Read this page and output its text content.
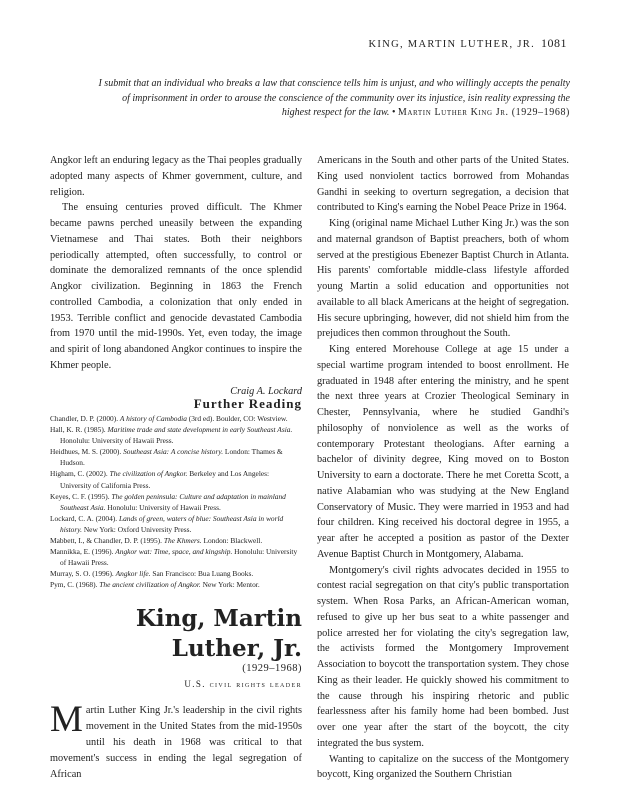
KING, MARTIN LUTHER, JR. 1081
I submit that an individual who breaks a law that conscience tells him is unjust, and who willingly accepts the penalty of imprisonment in order to arouse the conscience of the community over its injustice, isin reality expressing the highest respect for the law. • Martin Luther King Jr. (1929–1968)

Angkor left an enduring legacy as the Thai peoples gradually adopted many aspects of Khmer government, culture, and religion.

The ensuing centuries proved difficult. The Khmer became pawns perched uneasily between the expanding Vietnamese and Thai states. Both their neighbors periodically attempted, often successfully, to control or dominate the demoralized remnants of the once splendid Angkor civilization. Beginning in 1863 the French controlled Cambodia, a colonization that only ended in 1953. Terrible conflict and genocide devastated Cambodia from 1970 until the mid-1990s. Yet, even today, the image and spirit of long abandoned Angkor continues to inspire the Khmer people.

Craig A. Lockard
Further Reading
Chandler, D. P. (2000). A history of Cambodia (3rd ed). Boulder, CO: Westview.
Hall, K. R. (1985). Maritime trade and state development in early Southeast Asia. Honolulu: University of Hawaii Press.
Heidhues, M. S. (2000). Southeast Asia: A concise history. London: Thames & Hudson.
Higham, C. (2002). The civilization of Angkor. Berkeley and Los Angeles: University of California Press.
Keyes, C. F. (1995). The golden peninsula: Culture and adaptation in mainland Southeast Asia. Honolulu: University of Hawaii Press.
Lockard, C. A. (2004). Lands of green, waters of blue: Southeast Asia in world history. New York: Oxford University Press.
Mabbett, I., & Chandler, D. P. (1995). The Khmers. London: Blackwell.
Mannikka, E. (1996). Angkor wat: Time, space, and kingship. Honolulu: University of Hawaii Press.
Murray, S. O. (1996). Angkor life. San Francisco: Bua Luang Books.
Pym, C. (1968). The ancient civilization of Angkor. New York: Mentor.
King, Martin
Luther, Jr.
(1929–1968)
U.S. civil rights leader
Martin Luther King Jr.'s leadership in the civil rights movement in the United States from the mid-1950s until his death in 1968 was critical to that movement's success in ending the legal segregation of African

Americans in the South and other parts of the United States. King used nonviolent tactics borrowed from Mohandas Gandhi in seeking to overturn segregation, a decision that contributed to King's earning the Nobel Peace Prize in 1964.

King (original name Michael Luther King Jr.) was the son and maternal grandson of Baptist preachers, both of whom served at the prestigious Ebenezer Baptist Church in Atlanta. His parents' comfortable middle-class lifestyle afforded young Martin a solid education and opportunities not available to all black Americans at the height of segregation. His secure upbringing, however, did not shield him from the prejudices then common throughout the South.

King entered Morehouse College at age 15 under a special wartime program intended to boost enrollment. He graduated in 1948 after entering the ministry, and he spent the next three years at Crozier Theological Seminary in Chester, Pennsylvania, where he studied Gandhi's philosophy of nonviolence as well as the works of contemporary Protestant theologians. After earning a bachelor of divinity degree, King moved on to Boston University to earn a doctorate. There he met Coretta Scott, a native Alabamian who was studying at the New England Conservatory of Music. They were married in 1953 and had four children. King received his doctoral degree in 1955, a year after he accepted a position as pastor of the Dexter Avenue Baptist Church in Montgomery, Alabama.

Montgomery's civil rights advocates decided in 1955 to contest racial segregation on that city's public transportation system. When Rosa Parks, an African-American woman, refused to give up her bus seat to a white passenger and police arrested her for violating the city's segregation law, the activists formed the Montgomery Improvement Association to boycott the transportation system. They chose King as their leader. He quickly showed his commitment to the cause through his inspiring rhetoric and public fearlessness after his family home had been bombed. Just over one year after the start of the boycott, the city integrated the bus system.

Wanting to capitalize on the success of the Montgomery boycott, King organized the Southern Christian
